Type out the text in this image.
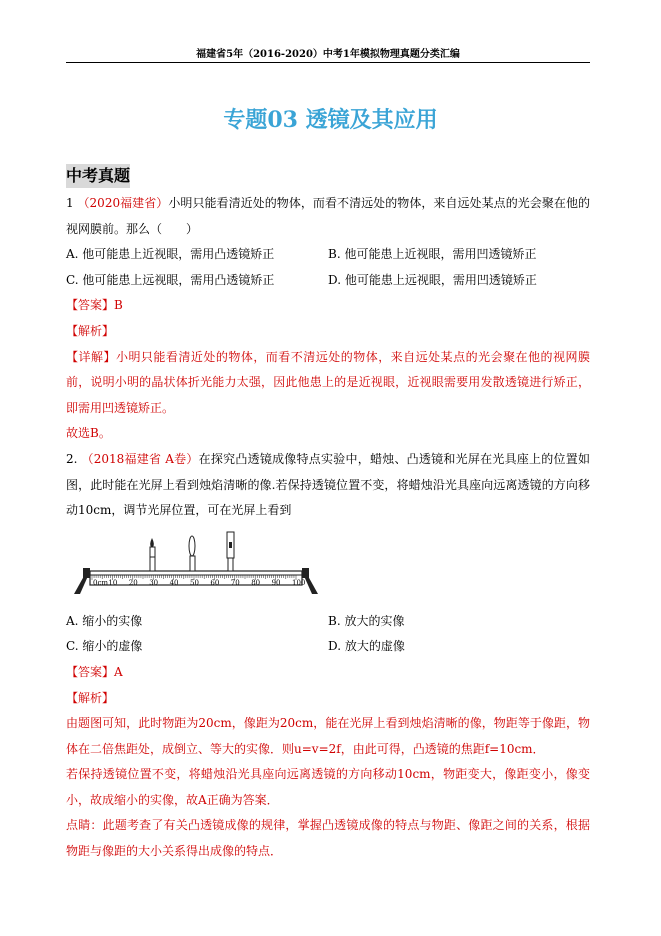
福建省5年（2016-2020）中考1年模拟物理真题分类汇编
专题03 透镜及其应用
中考真题

1 （2020福建省）小明只能看清近处的物体，而看不清远处的物体，来自远处某点的光会聚在他的视网膜前。那么（　　）

A. 他可能患上近视眼，需用凸透镜矫正	B. 他可能患上近视眼，需用凹透镜矫正
C. 他可能患上远视眼，需用凸透镜矫正	D. 他可能患上远视眼，需用凹透镜矫正

【答案】B

【解析】

【详解】小明只能看清近处的物体，而看不清远处的物体，来自远处某点的光会聚在他的视网膜前，说明小明的晶状体折光能力太强，因此他患上的是近视眼，近视眼需要用发散透镜进行矫正，即需用凹透镜矫正。

故选B。

2. （2018福建省 A卷）在探究凸透镜成像特点实验中，蜡烛、凸透镜和光屏在光具座上的位置如图，此时能在光屏上看到烛焰清晰的像.若保持透镜位置不变，将蜡烛沿光具座向远离透镜的方向移动10cm，调节光屏位置，可在光屏上看到

0cm 10 20 30 40 50 60 70 80 90 100
A. 缩小的实像	B. 放大的实像
C. 缩小的虚像	D. 放大的虚像

【答案】A

【解析】

由题图可知，此时物距为20cm，像距为20cm，能在光屏上看到烛焰清晰的像，物距等于像距，物体在二倍焦距处，成倒立、等大的实像．则u=v=2f，由此可得，凸透镜的焦距f=10cm．

若保持透镜位置不变，将蜡烛沿光具座向远离透镜的方向移动10cm，物距变大，像距变小，像变小，故成缩小的实像，故A正确为答案．

点睛：此题考查了有关凸透镜成像的规律，掌握凸透镜成像的特点与物距、像距之间的关系，根据物距与像距的大小关系得出成像的特点．
